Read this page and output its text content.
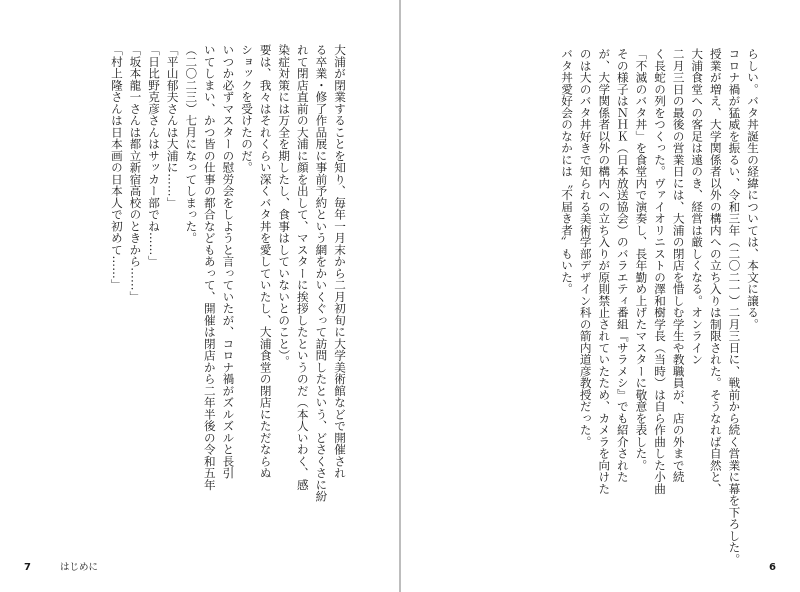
大浦が閉業することを知り、毎年一月末から二月初旬に大学美術館などで開催され
る卒業・修了作品展に事前予約という網をかいくぐって訪問したという、どさくさに紛
れて閉店直前の大浦に顔を出して、マスターに挨拶したというのだ（本人いわく、感
染症対策には万全を期したし、食事はしていないとのこと）。
要は、我々はそれくらい深くバタ丼を愛していたし、大浦食堂の閉店にただならぬ
ショックを受けたのだ。
いつか必ずマスターの慰労会をしようと言っていたが、コロナ禍がズルズルと長引
いてしまい、かつ皆の仕事の都合などもあって、開催は閉店から二年半後の令和五年
（二〇二三）七月になってしまった。
「平山郁夫さんは大浦に……」
「日比野克彦さんはサッカー部でね……」
「坂本龍一さんは都立新宿高校のときから……」
「村上隆さんは日本画の日本人で初めて……」
7	はじめに
らしい。バタ丼誕生の経緯については、本文に譲る。
コロナ禍が猛威を振るい、令和三年（二〇二一）二月三日に、戦前から続く営業に幕を下ろした。
授業が増え、大学関係者以外の構内への立ち入りは制限された。そうなれば自然と、
大浦食堂への客足は遠のき、経営は厳しくなる。オンライン
二月三日の最後の営業日には、大浦の閉店を惜しむ学生や教職員が、店の外まで続
く長蛇の列をつくった。ヴァイオリニストの澤和樹学長（当時）は自ら作曲した小曲
「不滅のバタ丼」を食堂内で演奏し、長年勤め上げたマスターに敬意を表した。
その様子はＮＨＫ（日本放送協会）のバラエティ番組『サラメシ』でも紹介された
が、大学関係者以外の構内への立ち入りが原則禁止されていたため、カメラを向けた
のは大のバタ丼好きで知られる美術学部デザイン科の箭内道彦教授だった。
バタ丼愛好会のなかには〝不届き者〟もいた。
6
